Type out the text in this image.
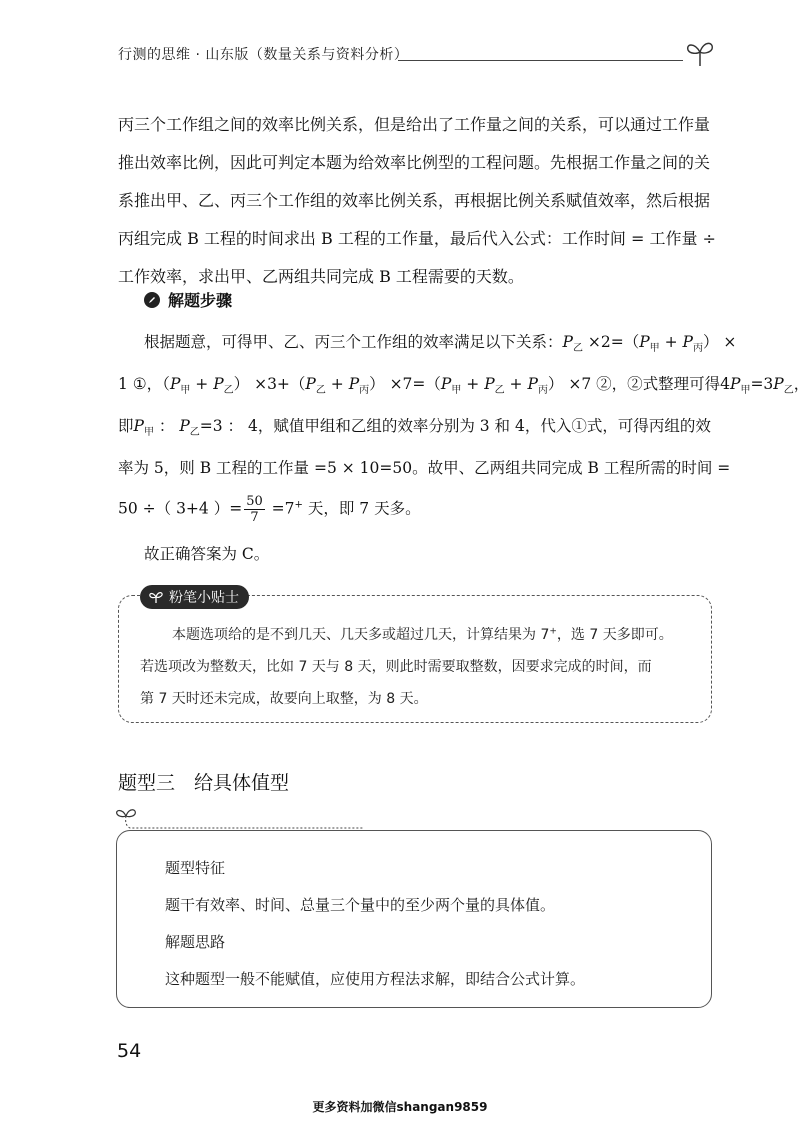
行测的思维 · 山东版（数量关系与资料分析）
丙三个工作组之间的效率比例关系，但是给出了工作量之间的关系，可以通过工作量
推出效率比例，因此可判定本题为给效率比例型的工程问题。先根据工作量之间的关
系推出甲、乙、丙三个工作组的效率比例关系，再根据比例关系赋值效率，然后根据
丙组完成 B 工程的时间求出 B 工程的工作量，最后代入公式：工作时间 = 工作量 ÷
工作效率，求出甲、乙两组共同完成 B 工程需要的天数。
解题步骤
根据题意，可得甲、乙、丙三个工作组的效率满足以下关系：$P_乙 \times 2=(P_甲 + P_丙)$ ×
1 ①，$(P_甲 + P_乙) \times 3+(P_乙 + P_丙) \times 7=(P_甲 + P_乙 + P_丙) \times 7$ ②，②式整理可得$4P_甲=3P_乙$，
即$P_甲$ ： $P_乙=3$ ： 4，赋值甲组和乙组的效率分别为 3 和 4，代入①式，可得丙组的效
率为 5，则 B 工程的工作量 =5 × 10=50。故甲、乙两组共同完成 B 工程所需的时间 =
50 ÷（ 3+4 ）= $\frac{50}{7} =7^+$ 天，即 7 天多。
故正确答案为 C。
粉笔小贴士
本题选项给的是不到几天、几天多或超过几天，计算结果为 7+，选 7 天多即可。
若选项改为整数天，比如 7 天与 8 天，则此时需要取整数，因要求完成的时间，而
第 7 天时还未完成，故要向上取整，为 8 天。
题型三　给具体值型
题型特征
题干有效率、时间、总量三个量中的至少两个量的具体值。
解题思路
这种题型一般不能赋值，应使用方程法求解，即结合公式计算。
54
更多资料加微信shangan9859
